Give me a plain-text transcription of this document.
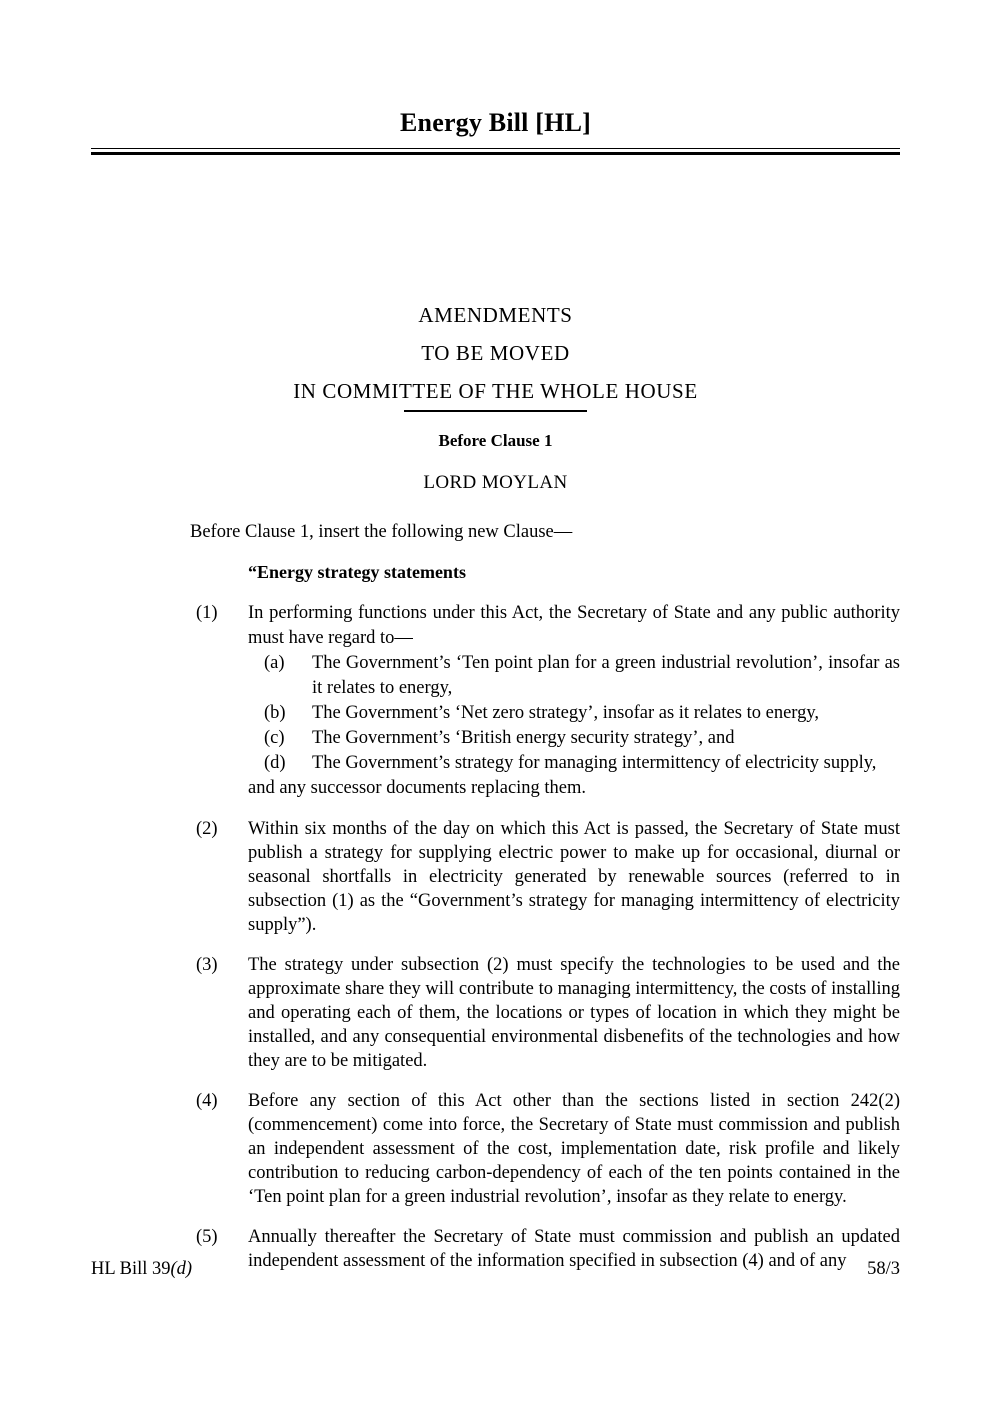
Energy Bill [HL]
AMENDMENTS
TO BE MOVED
IN COMMITTEE OF THE WHOLE HOUSE
Before Clause 1
LORD MOYLAN
Before Clause 1, insert the following new Clause—
“Energy strategy statements
(1)	In performing functions under this Act, the Secretary of State and any public authority must have regard to—

(a)	The Government’s ‘Ten point plan for a green industrial revolution’, insofar as it relates to energy,
(b)	The Government’s ‘Net zero strategy’, insofar as it relates to energy,
(c)	The Government’s ‘British energy security strategy’, and
(d)	The Government’s strategy for managing intermittency of electricity supply,

and any successor documents replacing them.

(2)	Within six months of the day on which this Act is passed, the Secretary of State must publish a strategy for supplying electric power to make up for occasional, diurnal or seasonal shortfalls in electricity generated by renewable sources (referred to in subsection (1) as the “Government’s strategy for managing intermittency of electricity supply”).

(3)	The strategy under subsection (2) must specify the technologies to be used and the approximate share they will contribute to managing intermittency, the costs of installing and operating each of them, the locations or types of location in which they might be installed, and any consequential environmental disbenefits of the technologies and how they are to be mitigated.

(4)	Before any section of this Act other than the sections listed in section 242(2) (commencement) come into force, the Secretary of State must commission and publish an independent assessment of the cost, implementation date, risk profile and likely contribution to reducing carbon-dependency of each of the ten points contained in the ‘Ten point plan for a green industrial revolution’, insofar as they relate to energy.

(5)	Annually thereafter the Secretary of State must commission and publish an updated independent assessment of the information specified in subsection (4) and of any

HL Bill 39(d)	58/3
